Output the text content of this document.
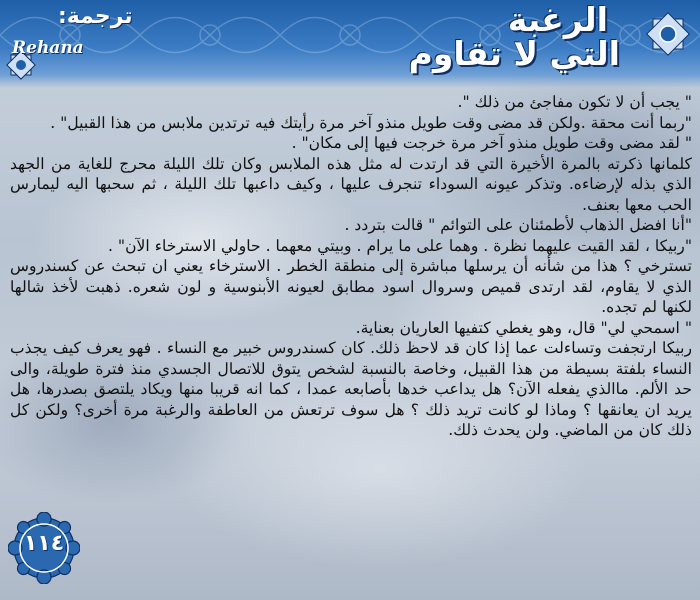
الرغبة
التي لا تقاوم
ترجمة:
Rehana

" يجب أن لا تكون مفاجئ من ذلك ".

"ربما أنت محقة .ولكن قد مضى وقت طويل منذو آخر مرة رأيتك فيه ترتدين ملابس من هذا القبيل" .

" لقد مضى وقت طويل منذو آخر مرة خرجت فيها إلى مكان" .

كلمانها ذكرته بالمرة الأخيرة التي قد ارتدت له مثل هذه الملابس وكان تلك الليلة محرج للغاية من الجهد الذي بذله لإرضاءه. وتذكر عيونه السوداء تنجرف عليها ، وكيف داعبها تلك الليلة ، ثم سحبها اليه ليمارس الحب معها بعنف.

"أنا افضل الذهاب لأطمئنان على التوائم " قالت بتردد .

"ربيكا ، لقد القيت عليهما نظرة . وهما على ما يرام . وبيتي معهما . حاولي الاسترخاء الآن" .

تسترخي ؟ هذا من شأنه أن يرسلها مباشرة إلى منطقة الخطر . الاسترخاء يعني ان تبحث عن كسندروس الذي لا يقاوم، لقد ارتدى قميص وسروال اسود مطابق لعيونه الأبنوسية و لون شعره. ذهبت لأخذ شالها لكنها لم تجده.

" اسمحي لي" قال، وهو يغطي كتفيها العاريان بعناية.

ربيكا ارتجفت وتساءلت عما إذا كان قد لاحظ ذلك. كان كسندروس خبير مع النساء . فهو يعرف كيف يجذب النساء بلفتة بسيطة من هذا القبيل، وخاصة بالنسبة لشخص يتوق للاتصال الجسدي منذ فترة طويلة، والى حد الألم. ماالذي يفعله الآن؟ هل يداعب خدها بأصابعه عمدا ، كما انه قريبا منها ويكاد يلتصق بصدرها، هل يريد ان يعانقها ؟ وماذا لو كانت تريد ذلك ؟ هل سوف ترتعش من العاطفة والرغبة مرة أخرى؟ ولكن كل ذلك كان من الماضي. ولن يحدث ذلك.

١١٤
